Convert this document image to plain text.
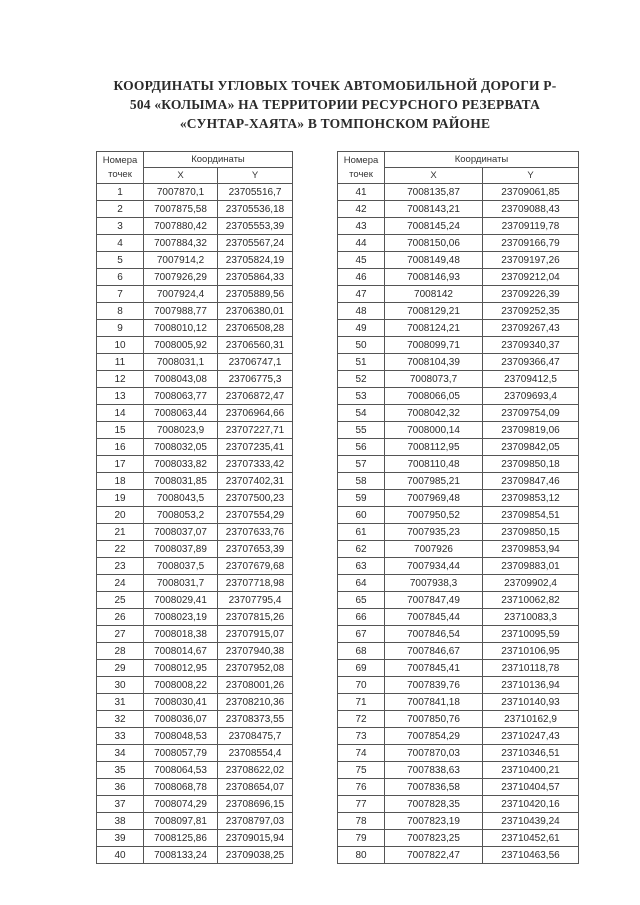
КООРДИНАТЫ УГЛОВЫХ ТОЧЕК АВТОМОБИЛЬНОЙ ДОРОГИ Р-
504 «КОЛЫМА» НА ТЕРРИТОРИИ РЕСУРСНОГО РЕЗЕРВАТА
«СУНТАР-ХАЯТА» В ТОМПОНСКОМ РАЙОНЕ
Номера
точек	Координаты	
	X	Y
1	7007870,1	23705516,7
2	7007875,58	23705536,18
3	7007880,42	23705553,39
4	7007884,32	23705567,24
5	7007914,2	23705824,19
6	7007926,29	23705864,33
7	7007924,4	23705889,56
8	7007988,77	23706380,01
9	7008010,12	23706508,28
10	7008005,92	23706560,31
11	7008031,1	23706747,1
12	7008043,08	23706775,3
13	7008063,77	23706872,47
14	7008063,44	23706964,66
15	7008023,9	23707227,71
16	7008032,05	23707235,41
17	7008033,82	23707333,42
18	7008031,85	23707402,31
19	7008043,5	23707500,23
20	7008053,2	23707554,29
21	7008037,07	23707633,76
22	7008037,89	23707653,39
23	7008037,5	23707679,68
24	7008031,7	23707718,98
25	7008029,41	23707795,4
26	7008023,19	23707815,26
27	7008018,38	23707915,07
28	7008014,67	23707940,38
29	7008012,95	23707952,08
30	7008008,22	23708001,26
31	7008030,41	23708210,36
32	7008036,07	23708373,55
33	7008048,53	23708475,7
34	7008057,79	23708554,4
35	7008064,53	23708622,02
36	7008068,78	23708654,07
37	7008074,29	23708696,15
38	7008097,81	23708797,03
39	7008125,86	23709015,94
40	7008133,24	23709038,25
Номера
точек	Координаты	
	X	Y
41	7008135,87	23709061,85
42	7008143,21	23709088,43
43	7008145,24	23709119,78
44	7008150,06	23709166,79
45	7008149,48	23709197,26
46	7008146,93	23709212,04
47	7008142	23709226,39
48	7008129,21	23709252,35
49	7008124,21	23709267,43
50	7008099,71	23709340,37
51	7008104,39	23709366,47
52	7008073,7	23709412,5
53	7008066,05	23709693,4
54	7008042,32	23709754,09
55	7008000,14	23709819,06
56	7008112,95	23709842,05
57	7008110,48	23709850,18
58	7007985,21	23709847,46
59	7007969,48	23709853,12
60	7007950,52	23709854,51
61	7007935,23	23709850,15
62	7007926	23709853,94
63	7007934,44	23709883,01
64	7007938,3	23709902,4
65	7007847,49	23710062,82
66	7007845,44	23710083,3
67	7007846,54	23710095,59
68	7007846,67	23710106,95
69	7007845,41	23710118,78
70	7007839,76	23710136,94
71	7007841,18	23710140,93
72	7007850,76	23710162,9
73	7007854,29	23710247,43
74	7007870,03	23710346,51
75	7007838,63	23710400,21
76	7007836,58	23710404,57
77	7007828,35	23710420,16
78	7007823,19	23710439,24
79	7007823,25	23710452,61
80	7007822,47	23710463,56
